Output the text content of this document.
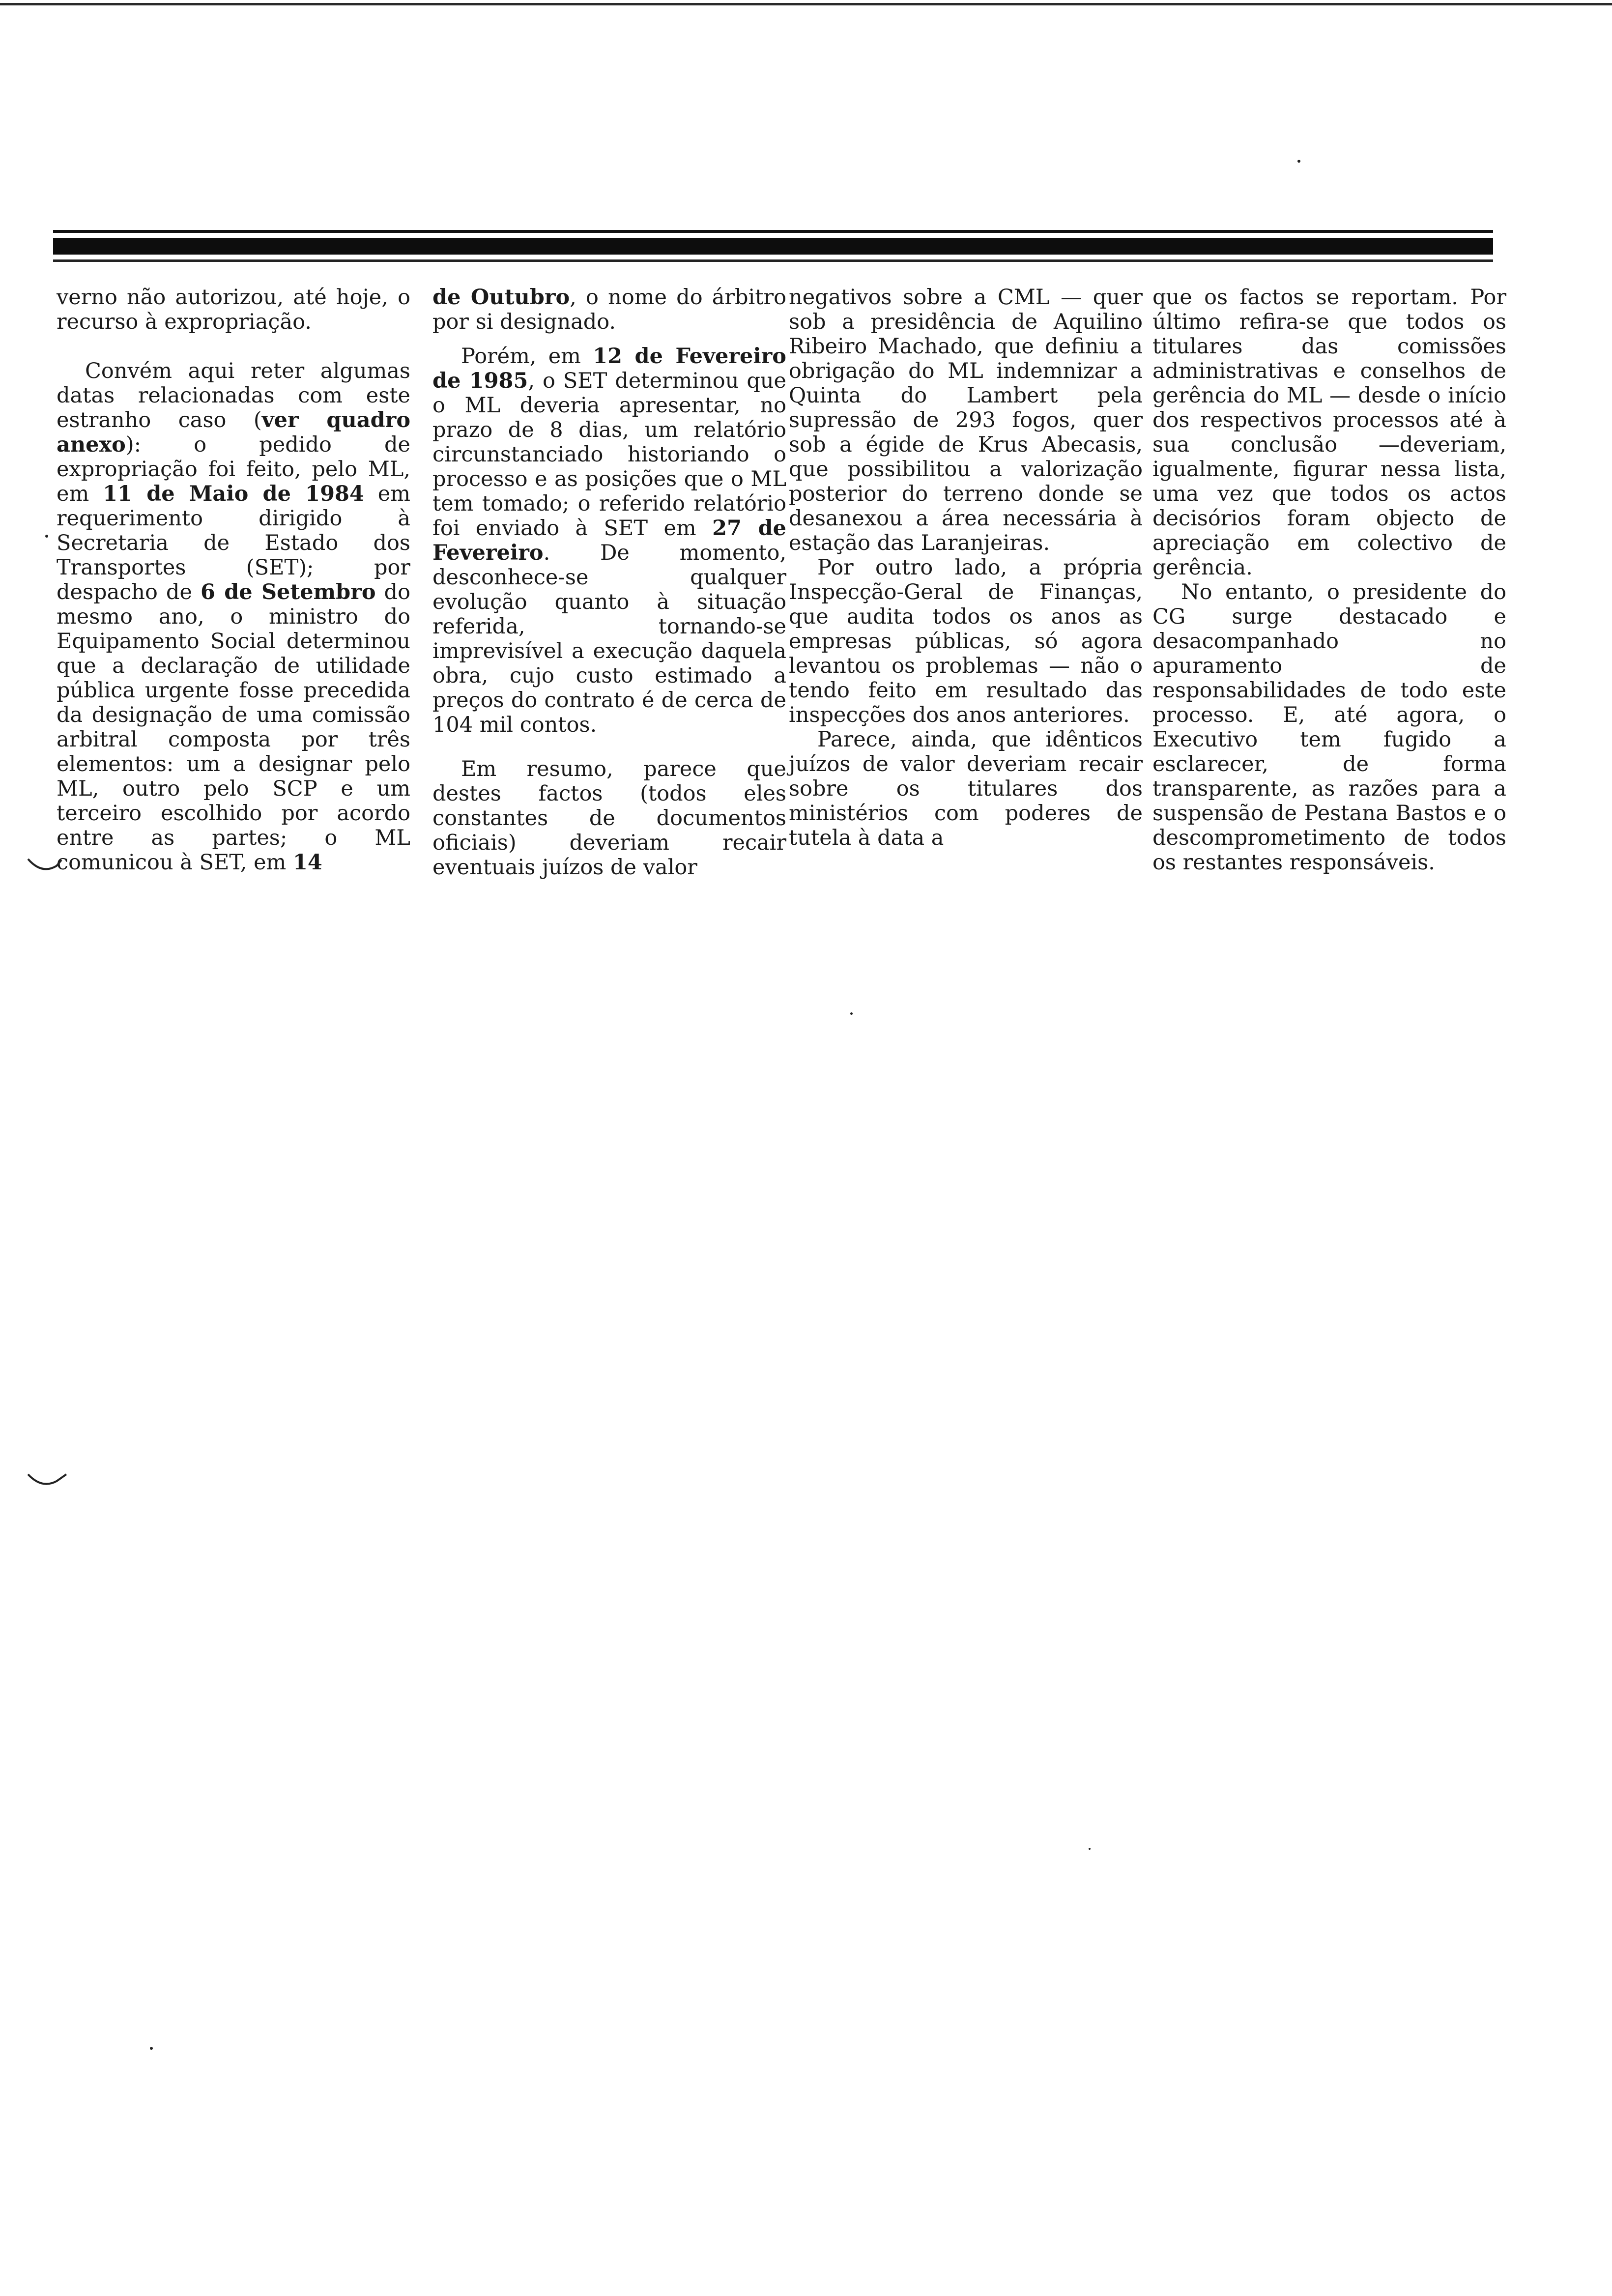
verno não autorizou, até hoje, o recurso à expropriação.

Convém aqui reter algumas datas relacionadas com este estranho caso (ver quadro anexo): o pedido de expropriação foi feito, pelo ML, em 11 de Maio de 1984 em requerimento dirigido à Secretaria de Estado dos Transportes (SET); por despacho de 6 de Setembro do mesmo ano, o ministro do Equipamento Social determinou que a declaração de utilidade pública urgente fosse precedida da designação de uma comissão arbitral composta por três elementos: um a designar pelo ML, outro pelo SCP e um terceiro escolhido por acordo entre as partes; o ML comunicou à SET, em 14

de Outubro, o nome do árbitro por si designado.

Porém, em 12 de Fevereiro de 1985, o SET determinou que o ML deveria apresentar, no prazo de 8 dias, um relatório circunstanciado historiando o processo e as posições que o ML tem tomado; o referido relatório foi enviado à SET em 27 de Fevereiro. De momento, desconhece-se qualquer evolução quanto à situação referida, tornando-se imprevisível a execução daquela obra, cujo custo estimado a preços do contrato é de cerca de 104 mil contos.

Em resumo, parece que destes factos (todos eles constantes de documentos oficiais) deveriam recair eventuais juízos de valor

negativos sobre a CML — quer sob a presidência de Aquilino Ribeiro Machado, que definiu a obrigação do ML indemnizar a Quinta do Lambert pela supressão de 293 fogos, quer sob a égide de Krus Abecasis, que possibilitou a valorização posterior do terreno donde se desanexou a área necessária à estação das Laranjeiras.

Por outro lado, a própria Inspecção-Geral de Finanças, que audita todos os anos as empresas públicas, só agora levantou os problemas — não o tendo feito em resultado das inspecções dos anos anteriores.

Parece, ainda, que idênticos juízos de valor deveriam recair sobre os titulares dos ministérios com poderes de tutela à data a

que os factos se reportam. Por último refira-se que todos os titulares das comissões administrativas e conselhos de gerência do ML — desde o início dos respectivos processos até à sua conclusão —deveriam, igualmente, figurar nessa lista, uma vez que todos os actos decisórios foram objecto de apreciação em colectivo de gerência.

No entanto, o presidente do CG surge destacado e desacompanhado no apuramento de responsabilidades de todo este processo. E, até agora, o Executivo tem fugido a esclarecer, de forma transparente, as razões para a suspensão de Pestana Bastos e o descomprometimento de todos os restantes responsáveis.
